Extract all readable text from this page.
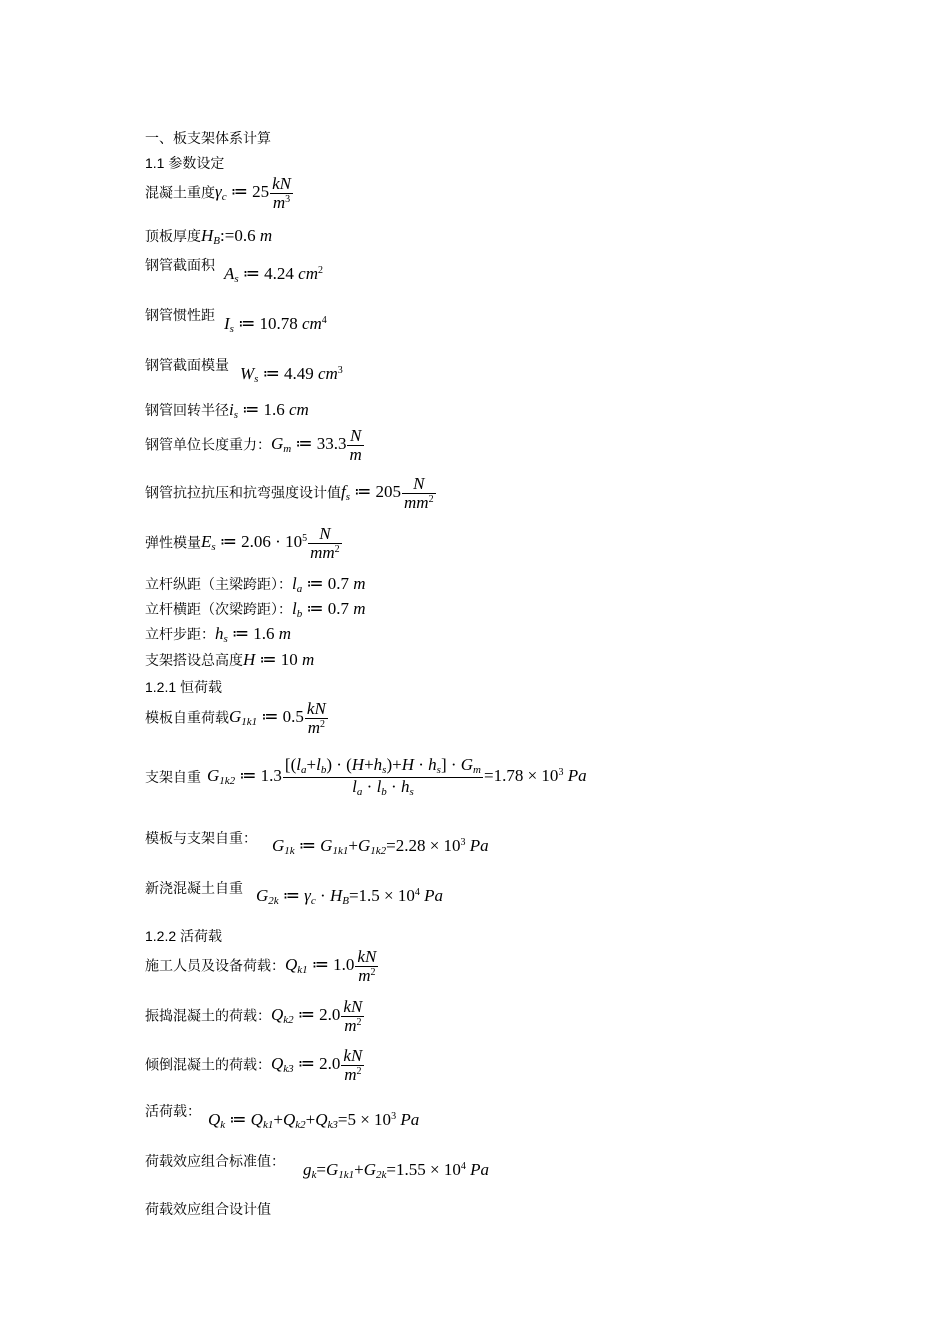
一、板支架体系计算
1.1 参数设定
混凝土重度$\gamma_c$ ≔ $25 \frac{kN}{m^3}$
顶板厚度$H_B:=0.6$ m
钢管截面积 $A_s$ ≔ 4.24 $cm^2$
钢管惯性距 $I_s$ ≔ 10.78 $cm^4$
钢管截面模量 $W_s$ ≔ 4.49 $cm^3$
钢管回转半径$i_s$ ≔ 1.6 cm
钢管单位长度重力：$G_m$ ≔ $33.3 \frac{N}{m}$
钢管抗拉抗压和抗弯强度设计值$f_s$ ≔ $205 \frac{N}{mm^2}$
弹性模量$E_s$ ≔ $2.06 \cdot 10^5 \frac{N}{mm^2}$
立杆纵距（主梁跨距）：$l_a$ ≔ 0.7 m
立杆横距（次梁跨距）：$l_b$ ≔ 0.7 m
立杆步距：$h_s$ ≔ 1.6 m
支架搭设总高度H ≔ 10 m
1.2.1 恒荷载
模板自重荷载$G_{1k1}$ ≔ $0.5 \frac{kN}{m^2}$
支架自重 $G_{1k2}$ ≔ $1.3 \frac{[(l_a+l_b) \cdot (H+h_s)+H \cdot h_s] \cdot G_m}{l_a \cdot l_b \cdot h_s} =1.78 \times 10^3$ Pa
模板与支架自重： $G_{1k}$ ≔ $G_{1k1}+G_{1k2}=2.28 \times 10^3$ Pa
新浇混凝土自重 $G_{2k}$ ≔ $\gamma_c \cdot H_B=1.5 \times 10^4$ Pa
1.2.2 活荷载
施工人员及设备荷载：$Q_{k1}$ ≔ $1.0 \frac{kN}{m^2}$
振捣混凝土的荷载：$Q_{k2}$ ≔ $2.0 \frac{kN}{m^2}$
倾倒混凝土的荷载：$Q_{k3}$ ≔ $2.0 \frac{kN}{m^2}$
活荷载： $Q_k$ ≔ $Q_{k1}+Q_{k2}+Q_{k3}=5 \times 10^3$ Pa
荷载效应组合标准值： $g_k=G_{1k1}+G_{2k}=1.55 \times 10^4$ Pa
荷载效应组合设计值
